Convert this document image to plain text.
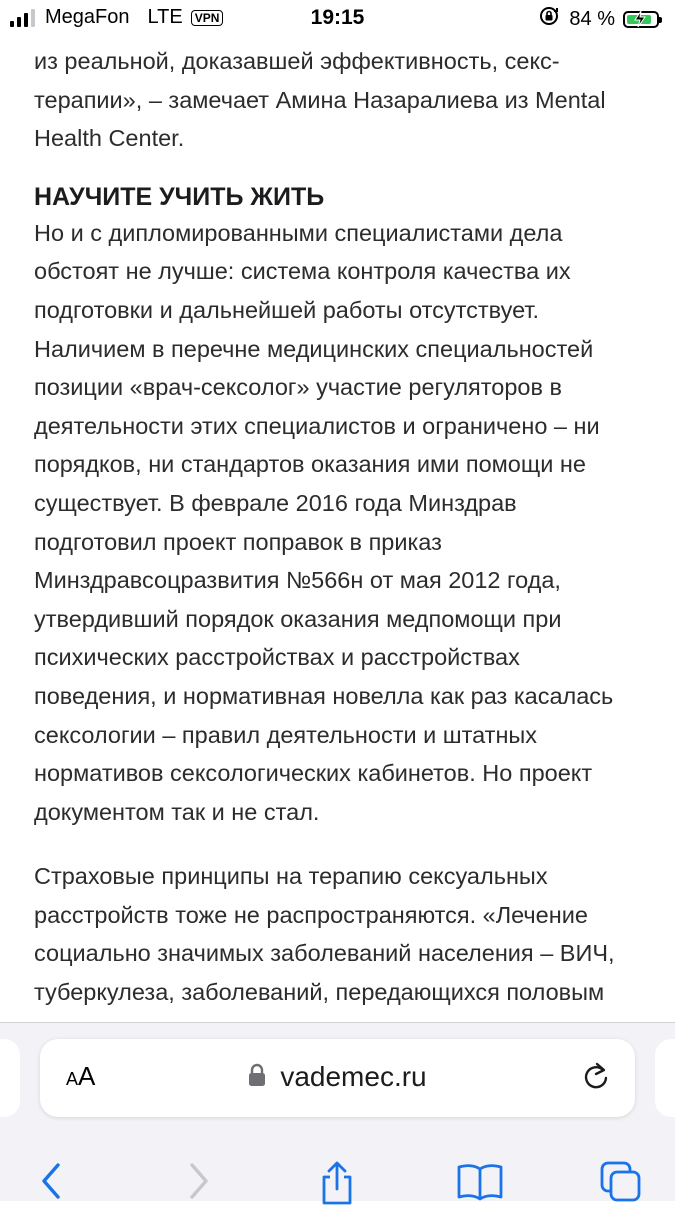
MegaFon LTE	VPN	19:15	84 %

из реальной, доказавшей эффективность, секс-терапии», – замечает Амина Назаралиева из Mental Health Center.

НАУЧИТЕ УЧИТЬ ЖИТЬ

Но и с дипломированными специалистами дела обстоят не лучше: система контроля качества их подготовки и дальнейшей работы отсутствует. Наличием в перечне медицинских специальностей позиции «врач-сексолог» участие регуляторов в деятельности этих специалистов и ограничено – ни порядков, ни стандартов оказания ими помощи не существует. В феврале 2016 года Минздрав подготовил проект поправок в приказ Минздравсоцразвития №566н от мая 2012 года, утвердивший порядок оказания медпомощи при психических расстройствах и расстройствах поведения, и нормативная новелла как раз касалась сексологии – правил деятельности и штатных нормативов сексологических кабинетов. Но проект документом так и не стал.

Страховые принципы на терапию сексуальных расстройств тоже не распространяются. «Лечение социально значимых заболеваний населения – ВИЧ, туберкулеза, заболеваний, передающихся половым

AA	vademec.ru
